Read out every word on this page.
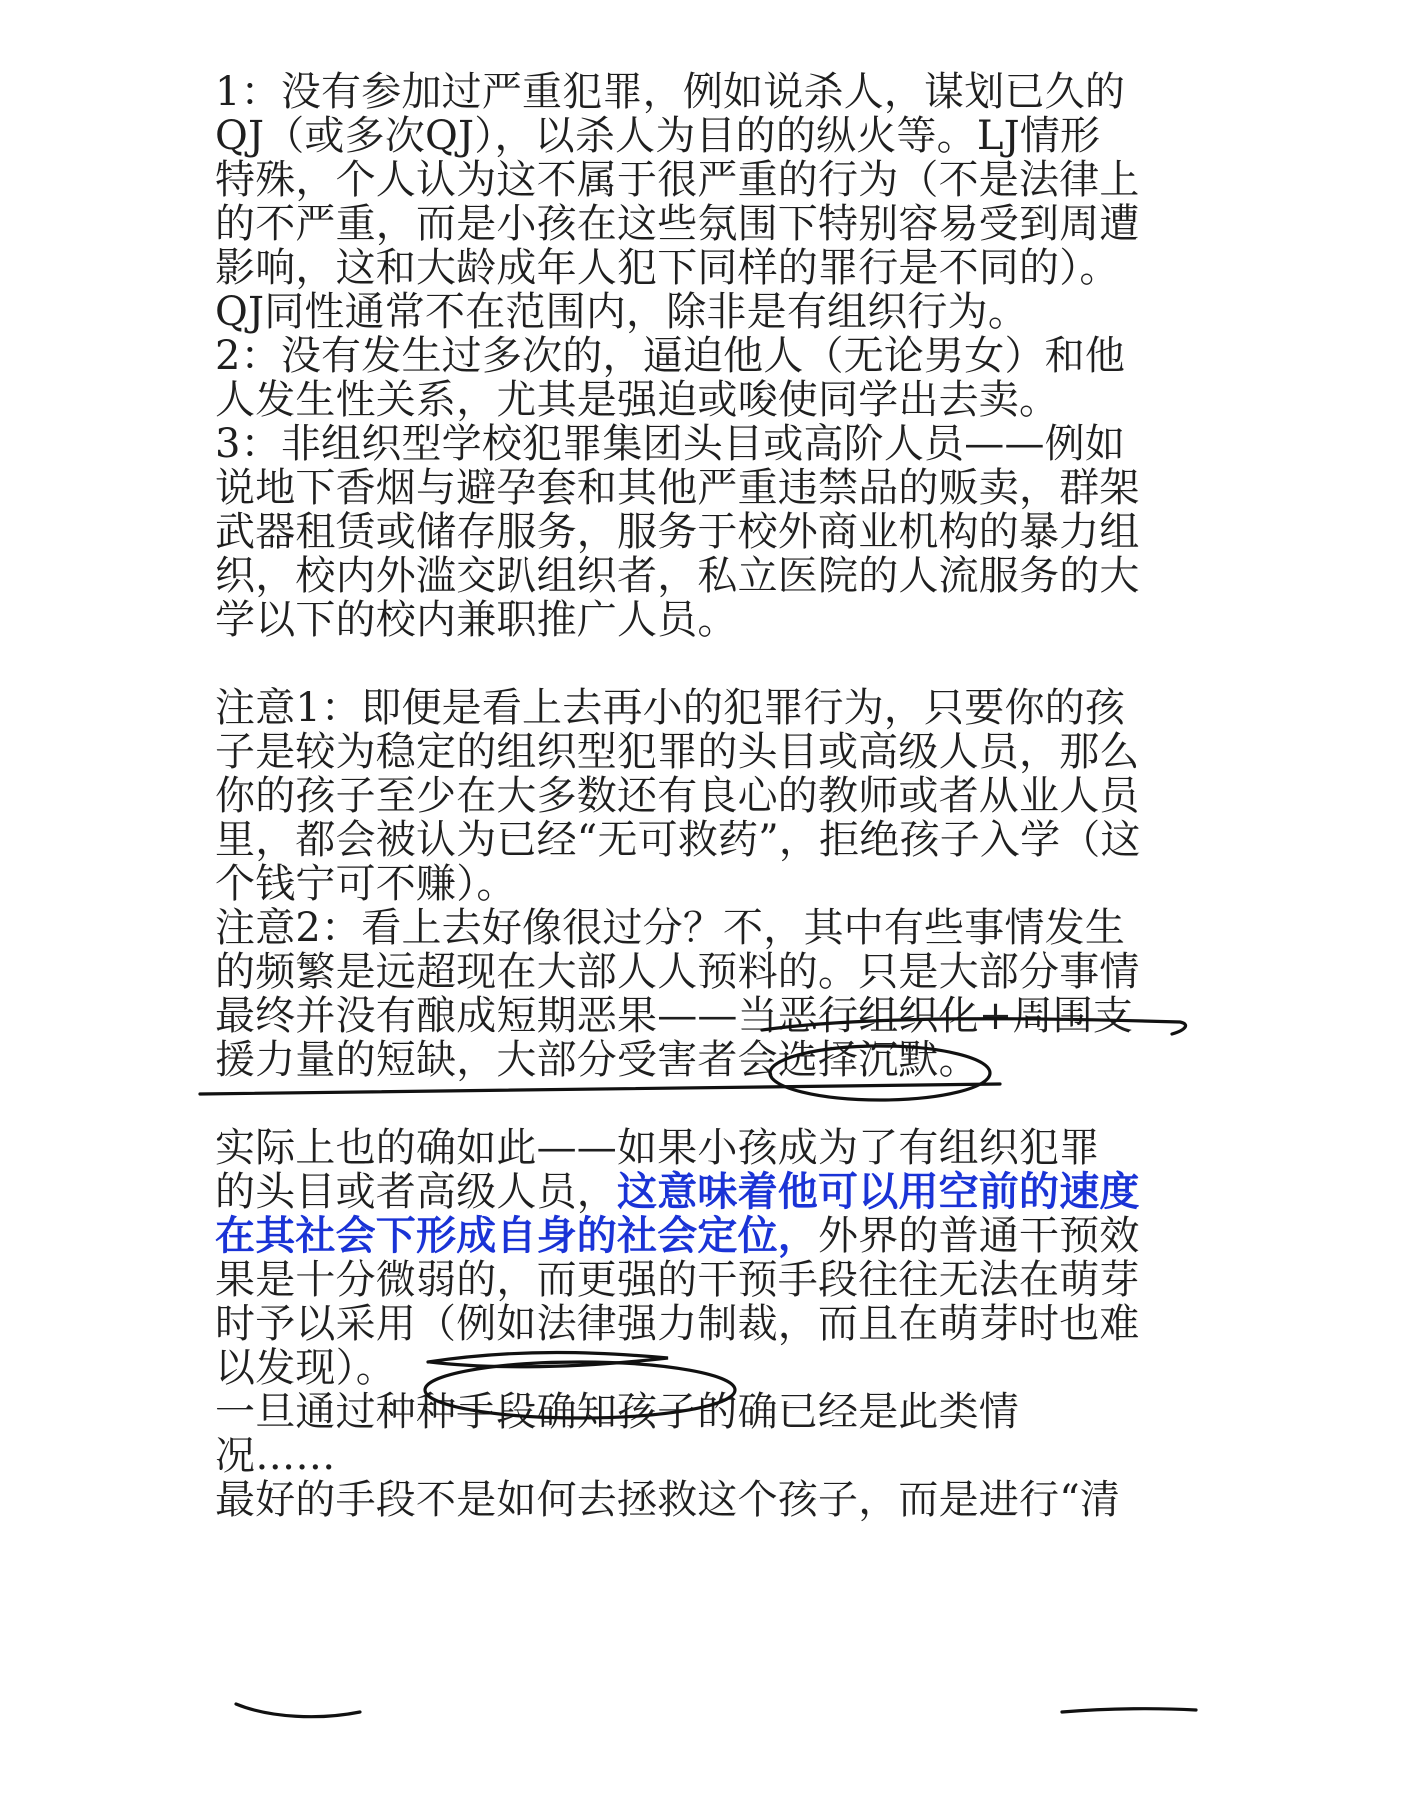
1：没有参加过严重犯罪，例如说杀人，谋划已久的
QJ（或多次QJ），以杀人为目的的纵火等。LJ情形
特殊，个人认为这不属于很严重的行为（不是法律上
的不严重，而是小孩在这些氛围下特别容易受到周遭
影响，这和大龄成年人犯下同样的罪行是不同的）。
QJ同性通常不在范围内，除非是有组织行为。
2：没有发生过多次的，逼迫他人（无论男女）和他
人发生性关系，尤其是强迫或唆使同学出去卖。
3：非组织型学校犯罪集团头目或高阶人员——例如
说地下香烟与避孕套和其他严重违禁品的贩卖，群架
武器租赁或储存服务，服务于校外商业机构的暴力组
织，校内外滥交趴组织者，私立医院的人流服务的大
学以下的校内兼职推广人员。
注意1：即便是看上去再小的犯罪行为，只要你的孩
子是较为稳定的组织型犯罪的头目或高级人员，那么
你的孩子至少在大多数还有良心的教师或者从业人员
里，都会被认为已经“无可救药”，拒绝孩子入学（这
个钱宁可不赚）。
注意2：看上去好像很过分？不，其中有些事情发生
的频繁是远超现在大部人人预料的。只是大部分事情
最终并没有酿成短期恶果——当恶行组织化+周围支
援力量的短缺，大部分受害者会选择沉默。
实际上也的确如此——如果小孩成为了有组织犯罪
的头目或者高级人员，这意味着他可以用空前的速度
在其社会下形成自身的社会定位，外界的普通干预效
果是十分微弱的，而更强的干预手段往往无法在萌芽
时予以采用（例如法律强力制裁，而且在萌芽时也难
以发现）。
一旦通过种种手段确知孩子的确已经是此类情
况……
最好的手段不是如何去拯救这个孩子，而是进行“清
